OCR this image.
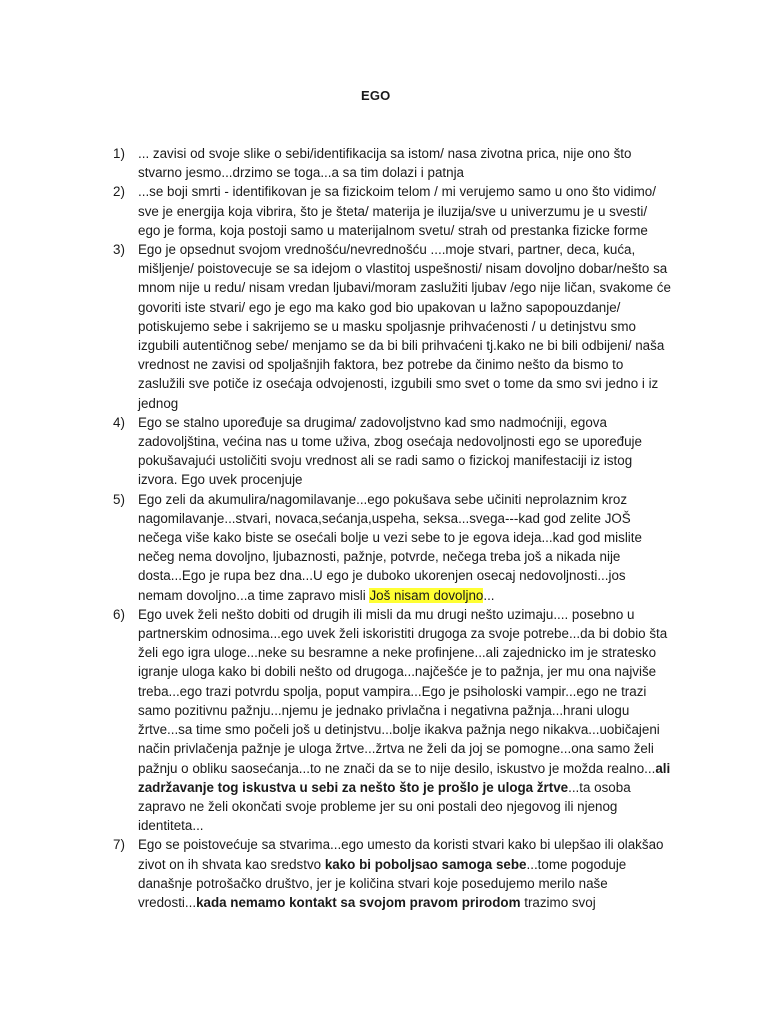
EGO
1) ... zavisi od svoje slike o sebi/identifikacija sa istom/ nasa zivotna prica, nije ono što stvarno jesmo...drzimo se toga...a sa tim dolazi i patnja
2) ...se boji smrti - identifikovan je sa fizickoim telom / mi verujemo samo u ono što vidimo/ sve je energija koja vibrira, što je šteta/ materija je iluzija/sve u univerzumu je u svesti/ ego je forma, koja postoji samo u materijalnom svetu/ strah od prestanka fizicke forme
3) Ego je opsednut svojom vrednošću/nevrednošću ....moje stvari, partner, deca, kuća, mišljenje/ poistovecuje se sa idejom o vlastitoj uspešnosti/ nisam dovoljno dobar/nešto sa mnom nije u redu/ nisam vredan ljubavi/moram zaslužiti ljubav /ego nije ličan, svakome će govoriti iste stvari/ ego je ego ma kako god bio upakovan u lažno sapopouzdanje/ potiskujemo sebe i sakrijemo se u masku spoljasnje prihvaćenosti / u detinjstvu smo izgubili autentičnog sebe/ menjamo se da bi bili prihvaćeni tj.kako ne bi bili odbijeni/ naša vrednost ne zavisi od spoljašnjih faktora, bez potrebe da činimo nešto da bismo to zaslužili sve potiče iz osećaja odvojenosti, izgubili smo svet o tome da smo svi jedno i iz jednog
4) Ego se stalno upoređuje sa drugima/ zadovoljstvno kad smo nadmoćniji, egova zadovoljština, većina nas u tome uživa, zbog osećaja nedovoljnosti ego se upoređuje pokušavajući ustoličiti svoju vrednost ali se radi samo o fizickoj manifestaciji iz istog izvora. Ego uvek procenjuje
5) Ego zeli da akumulira/nagomilavanje...ego pokušava sebe učiniti neprolaznim kroz nagomilavanje...stvari, novaca,sećanja,uspeha, seksa...svega---kad god zelite JOŠ nečega više kako biste se osećali bolje u vezi sebe to je egova ideja...kad god mislite nečeg nema dovoljno, ljubaznosti, pažnje, potvrde, nečega treba još a nikada nije dosta...Ego je rupa bez dna...U ego je duboko ukorenjen osecaj nedovoljnosti...jos nemam dovoljno...a time zapravo misli Još nisam dovoljno...
6) Ego uvek želi nešto dobiti od drugih ili misli da mu drugi nešto uzimaju.... posebno u partnerskim odnosima...ego uvek želi iskoristiti drugoga za svoje potrebe...da bi dobio šta želi ego igra uloge...neke su besramne a neke profinjene...ali zajednicko im je stratesko igranje uloga kako bi dobili nešto od drugoga...najčešće je to pažnja, jer mu ona najviše treba...ego trazi potvrdu spolja, poput vampira...Ego je psiholoski vampir...ego ne trazi samo pozitivnu pažnju...njemu je jednako privlačna i negativna pažnja...hrani ulogu žrtve...sa time smo počeli još u detinjstvu...bolje ikakva pažnja nego nikakva...uobičajeni način privlačenja pažnje je uloga žrtve...žrtva ne želi da joj se pomogne...ona samo želi pažnju o obliku saosećanja...to ne znači da se to nije desilo, iskustvo je možda realno...ali zadržavanje tog iskustva u sebi za nešto što je prošlo je uloga žrtve...ta osoba zapravo ne želi okončati svoje probleme jer su oni postali deo njegovog ili njenog identiteta...
7) Ego se poistovećuje sa stvarima...ego umesto da koristi stvari kako bi ulepšao ili olakšao zivot on ih shvata kao sredstvo kako bi poboljsao samoga sebe...tome pogoduje današnje potrošačko društvo, jer je količina stvari koje posedujemo merilo naše vredosti...kada nemamo kontakt sa svojom pravom prirodom trazimo svoj
